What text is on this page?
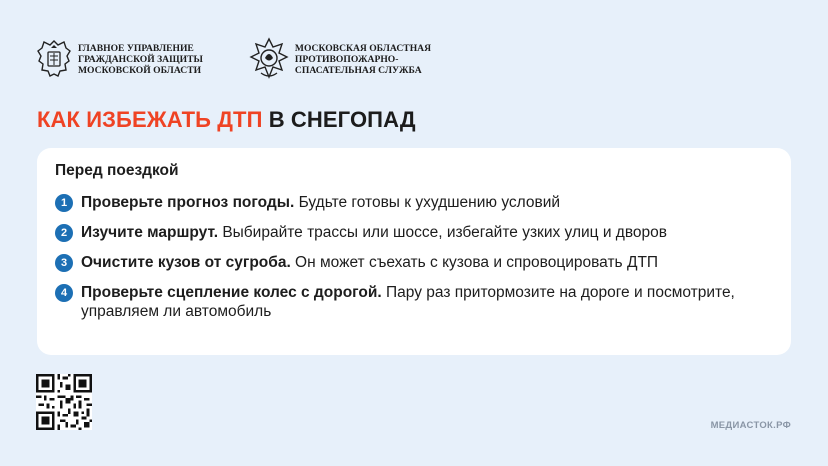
ГЛАВНОЕ УПРАВЛЕНИЕ
ГРАЖДАНСКОЙ ЗАЩИТЫ
МОСКОВСКОЙ ОБЛАСТИ
МОСКОВСКАЯ ОБЛАСТНАЯ
ПРОТИВОПОЖАРНО-
СПАСАТЕЛЬНАЯ СЛУЖБА
КАК ИЗБЕЖАТЬ ДТП В СНЕГОПАД
Перед поездкой
1 Проверьте прогноз погоды. Будьте готовы к ухудшению условий
2 Изучите маршрут. Выбирайте трассы или шоссе, избегайте узких улиц и дворов
3 Очистите кузов от сугроба. Он может съехать с кузова и спровоцировать ДТП
4 Проверьте сцепление колес с дорогой. Пару раз притормозите на дороге и посмотрите, управляем ли автомобиль
МЕДИАСТОК.РФ
